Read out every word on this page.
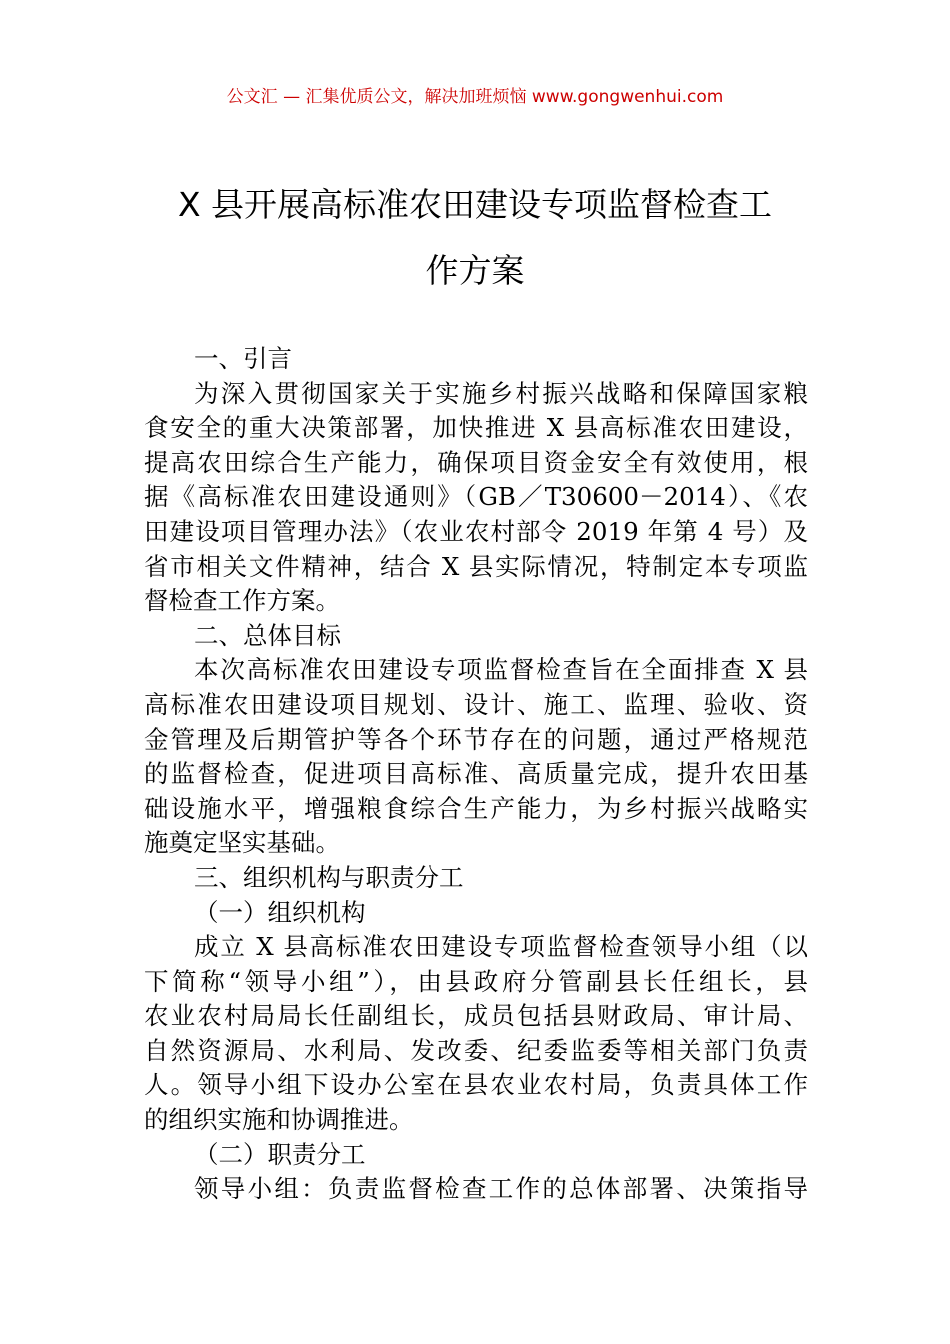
公文汇 — 汇集优质公文，解决加班烦恼 www.gongwenhui.com
X 县开展高标准农田建设专项监督检查工
作方案
一、引言
为深入贯彻国家关于实施乡村振兴战略和保障国家粮
食安全的重大决策部署，加快推进 X 县高标准农田建设，
提高农田综合生产能力，确保项目资金安全有效使用，根
据《高标准农田建设通则》（GB／T30600－2014）、《农
田建设项目管理办法》（农业农村部令 2019 年第 4 号）及
省市相关文件精神，结合 X 县实际情况，特制定本专项监
督检查工作方案。
二、总体目标
本次高标准农田建设专项监督检查旨在全面排查 X 县
高标准农田建设项目规划、设计、施工、监理、验收、资
金管理及后期管护等各个环节存在的问题，通过严格规范
的监督检查，促进项目高标准、高质量完成，提升农田基
础设施水平，增强粮食综合生产能力，为乡村振兴战略实
施奠定坚实基础。
三、组织机构与职责分工
（一）组织机构
成立 X 县高标准农田建设专项监督检查领导小组（以
下简称“领导小组”），由县政府分管副县长任组长，县
农业农村局局长任副组长，成员包括县财政局、审计局、
自然资源局、水利局、发改委、纪委监委等相关部门负责
人。领导小组下设办公室在县农业农村局，负责具体工作
的组织实施和协调推进。
（二）职责分工
领导小组：负责监督检查工作的总体部署、决策指导
